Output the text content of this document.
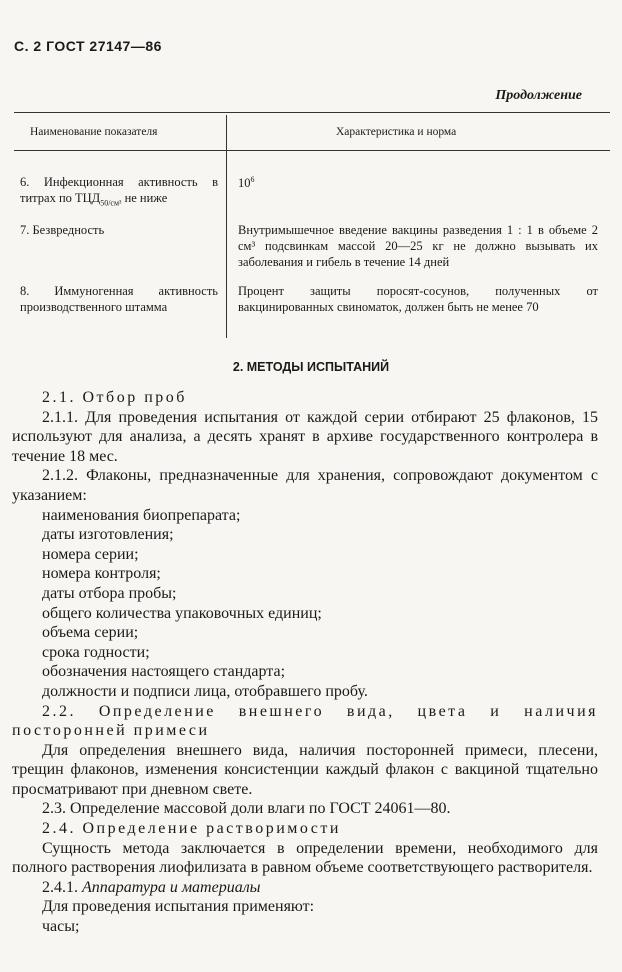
С. 2 ГОСТ 27147—86
Продолжение
Наименование показателя	Характеристика и норма
6. Инфекционная активность в титрах по $ТЦД_{50/см^3}$ не ниже
$10^6$
7. Безвредность	Внутримышечное введение вакцины разведения 1 : 1 в объеме 2 см³ подсвинкам массой 20—25 кг не должно вызывать их заболевания и гибель в течение 14 дней
8. Иммуногенная активность производственного штамма
Процент защиты поросят-сосунов, полученных от вакцинированных свиноматок, должен быть не менее 70
2. МЕТОДЫ ИСПЫТАНИЙ

2.1. Отбор проб

2.1.1. Для проведения испытания от каждой серии отбирают 25 флаконов, 15 используют для анализа, а десять хранят в архиве государственного контролера в течение 18 мес.

2.1.2. Флаконы, предназначенные для хранения, сопровождают документом с указанием:

наименования биопрепарата;

даты изготовления;

номера серии;

номера контроля;

даты отбора пробы;

общего количества упаковочных единиц;

объема серии;

срока годности;

обозначения настоящего стандарта;

должности и подписи лица, отобравшего пробу.

2.2. Определение внешнего вида, цвета и наличия посторонней примеси

Для определения внешнего вида, наличия посторонней примеси, плесени, трещин флаконов, изменения консистенции каждый флакон с вакциной тщательно просматривают при дневном свете.

2.3. Определение массовой доли влаги по ГОСТ 24061—80.

2.4. Определение растворимости

Сущность метода заключается в определении времени, необходимого для полного растворения лиофилизата в равном объеме соответствующего растворителя.

2.4.1. Аппаратура и материалы

Для проведения испытания применяют:

часы;
